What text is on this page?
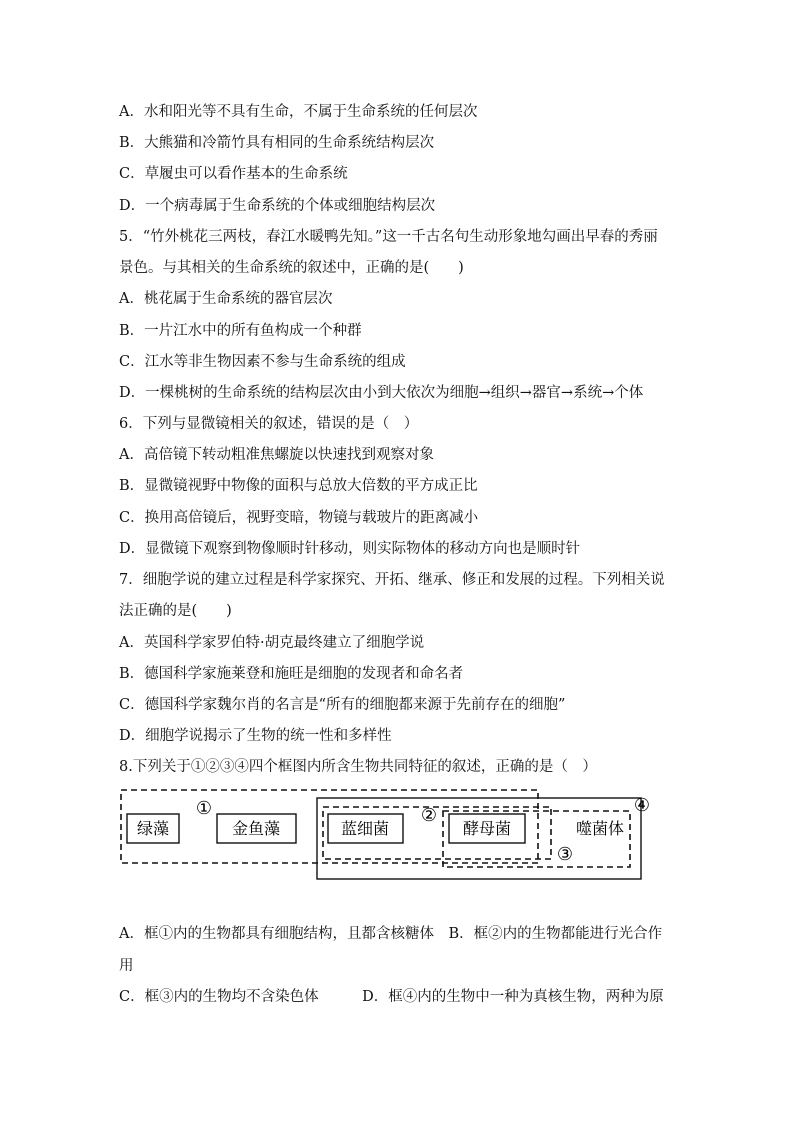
A．水和阳光等不具有生命，不属于生命系统的任何层次
B．大熊猫和冷箭竹具有相同的生命系统结构层次
C．草履虫可以看作基本的生命系统
D．一个病毒属于生命系统的个体或细胞结构层次
5．“竹外桃花三两枝，春江水暖鸭先知。”这一千古名句生动形象地勾画出早春的秀丽
景色。与其相关的生命系统的叙述中，正确的是(　　)
A．桃花属于生命系统的器官层次
B．一片江水中的所有鱼构成一个种群
C．江水等非生物因素不参与生命系统的组成
D．一棵桃树的生命系统的结构层次由小到大依次为细胞→组织→器官→系统→个体
6．下列与显微镜相关的叙述，错误的是（　）
A．高倍镜下转动粗准焦螺旋以快速找到观察对象
B．显微镜视野中物像的面积与总放大倍数的平方成正比
C．换用高倍镜后，视野变暗，物镜与载玻片的距离减小
D．显微镜下观察到物像顺时针移动，则实际物体的移动方向也是顺时针
7．细胞学说的建立过程是科学家探究、开拓、继承、修正和发展的过程。下列相关说
法正确的是(　　)
A．英国科学家罗伯特·胡克最终建立了细胞学说
B．德国科学家施莱登和施旺是细胞的发现者和命名者
C．德国科学家魏尔肖的名言是“所有的细胞都来源于先前存在的细胞”
D．细胞学说揭示了生物的统一性和多样性
8.下列关于①②③④四个框图内所含生物共同特征的叙述，正确的是（　）
绿藻	金鱼藻	蓝细菌	酵母菌	噬菌体
①	②
③
④
A．框①内的生物都具有细胞结构，且都含核糖体　B．框②内的生物都能进行光合作
用
C．框③内的生物均不含染色体　　　D．框④内的生物中一种为真核生物，两种为原
